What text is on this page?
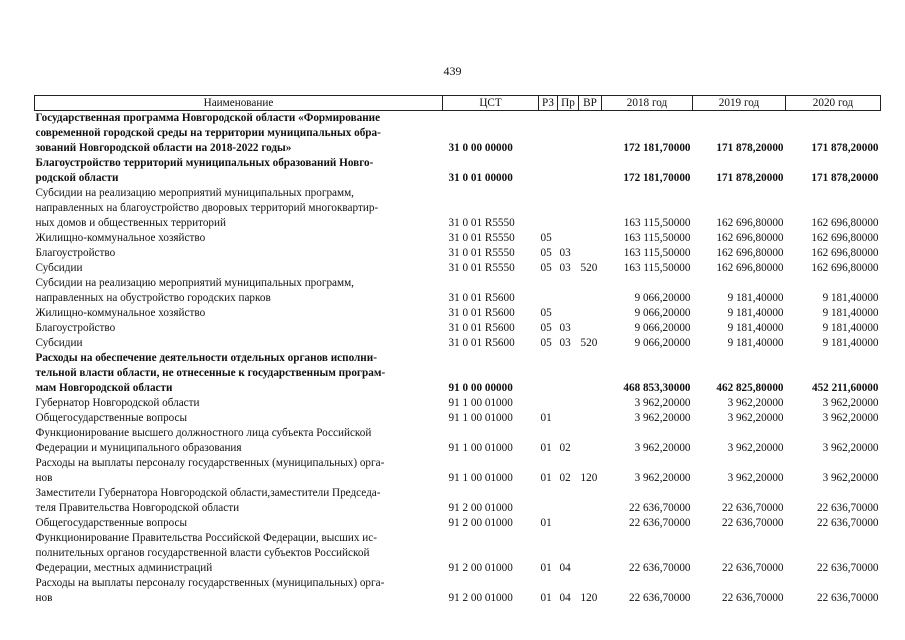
439
Наименование	ЦСТ	РЗ	Пр	ВР	2018 год	2019 год	2020 год
Государственная программа Новгородской области «Формирование
современной городской среды на территории муниципальных обра-
зований Новгородской области на 2018-2022 годы»	31 0 00 00000				172 181,70000	171 878,20000	171 878,20000
Благоустройство территорий муниципальных образований Новго-
родской области	31 0 01 00000				172 181,70000	171 878,20000	171 878,20000
Субсидии на реализацию мероприятий муниципальных программ,
направленных на благоустройство дворовых территорий многоквартир-
ных домов и общественных территорий	31 0 01 R5550				163 115,50000	162 696,80000	162 696,80000
Жилищно-коммунальное хозяйство	31 0 01 R5550	05			163 115,50000	162 696,80000	162 696,80000
Благоустройство	31 0 01 R5550	05	03		163 115,50000	162 696,80000	162 696,80000
Субсидии	31 0 01 R5550	05	03	520	163 115,50000	162 696,80000	162 696,80000
Субсидии на реализацию мероприятий муниципальных программ,
направленных на обустройство городских парков	31 0 01 R5600				9 066,20000	9 181,40000	9 181,40000
Жилищно-коммунальное хозяйство	31 0 01 R5600	05			9 066,20000	9 181,40000	9 181,40000
Благоустройство	31 0 01 R5600	05	03		9 066,20000	9 181,40000	9 181,40000
Субсидии	31 0 01 R5600	05	03	520	9 066,20000	9 181,40000	9 181,40000
Расходы на обеспечение деятельности отдельных органов исполни-
тельной власти области, не отнесенные к государственным програм-
мам Новгородской области	91 0 00 00000				468 853,30000	462 825,80000	452 211,60000
Губернатор Новгородской области	91 1 00 01000				3 962,20000	3 962,20000	3 962,20000
Общегосударственные вопросы	91 1 00 01000	01			3 962,20000	3 962,20000	3 962,20000
Функционирование высшего должностного лица субъекта Российской
Федерации и муниципального образования	91 1 00 01000	01	02		3 962,20000	3 962,20000	3 962,20000
Расходы на выплаты персоналу государственных (муниципальных) орга-
нов	91 1 00 01000	01	02	120	3 962,20000	3 962,20000	3 962,20000
Заместители Губернатора Новгородской области,заместители Председа-
теля Правительства Новгородской области	91 2 00 01000				22 636,70000	22 636,70000	22 636,70000
Общегосударственные вопросы	91 2 00 01000	01			22 636,70000	22 636,70000	22 636,70000
Функционирование Правительства Российской Федерации, высших ис-
полнительных органов государственной власти субъектов Российской
Федерации, местных администраций	91 2 00 01000	01	04		22 636,70000	22 636,70000	22 636,70000
Расходы на выплаты персоналу государственных (муниципальных) орга-
нов	91 2 00 01000	01	04	120	22 636,70000	22 636,70000	22 636,70000
